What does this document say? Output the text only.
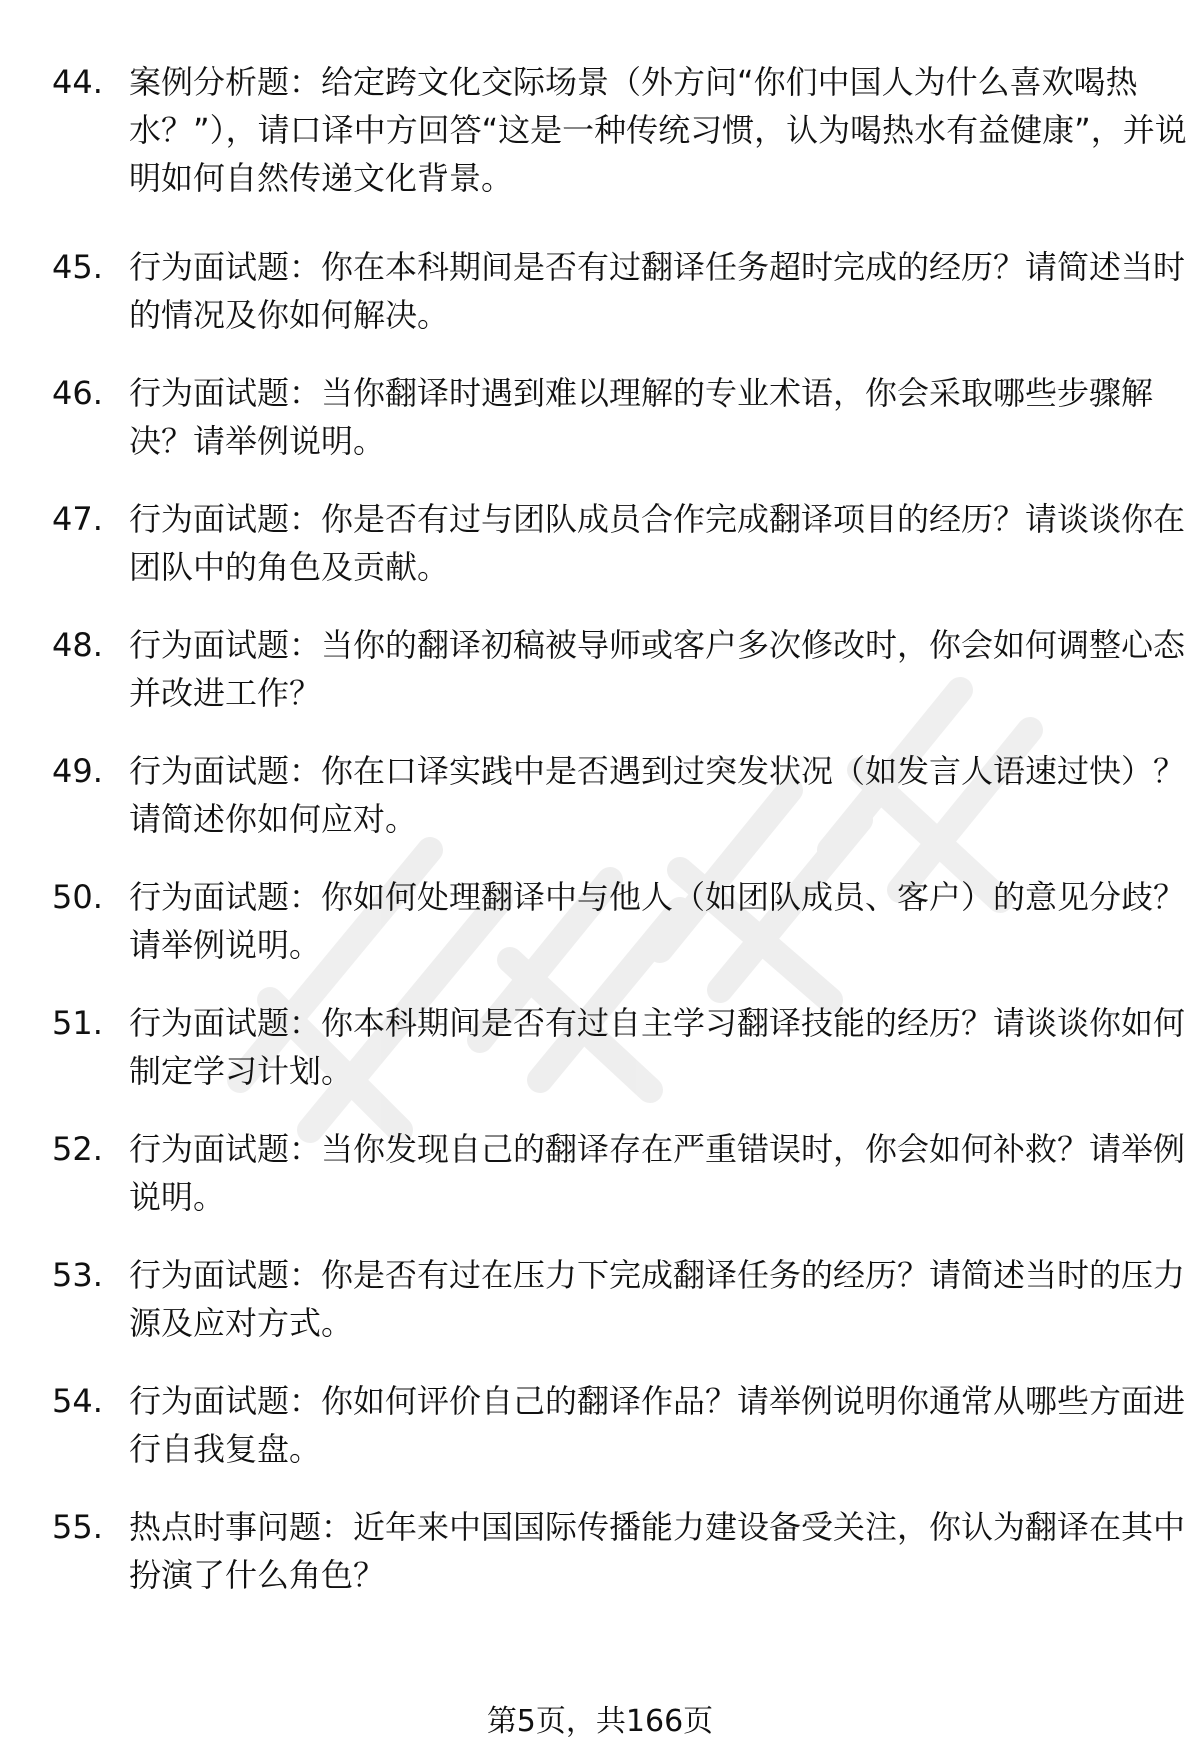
44. 案例分析题：给定跨文化交际场景（外方问“你们中国人为什么喜欢喝热水？”），请口译中方回答“这是一种传统习惯，认为喝热水有益健康”，并说明如何自然传递文化背景。
45. 行为面试题：你在本科期间是否有过翻译任务超时完成的经历？请简述当时的情况及你如何解决。
46. 行为面试题：当你翻译时遇到难以理解的专业术语，你会采取哪些步骤解决？请举例说明。
47. 行为面试题：你是否有过与团队成员合作完成翻译项目的经历？请谈谈你在团队中的角色及贡献。
48. 行为面试题：当你的翻译初稿被导师或客户多次修改时，你会如何调整心态并改进工作？
49. 行为面试题：你在口译实践中是否遇到过突发状况（如发言人语速过快）？请简述你如何应对。
50. 行为面试题：你如何处理翻译中与他人（如团队成员、客户）的意见分歧？请举例说明。
51. 行为面试题：你本科期间是否有过自主学习翻译技能的经历？请谈谈你如何制定学习计划。
52. 行为面试题：当你发现自己的翻译存在严重错误时，你会如何补救？请举例说明。
53. 行为面试题：你是否有过在压力下完成翻译任务的经历？请简述当时的压力源及应对方式。
54. 行为面试题：你如何评价自己的翻译作品？请举例说明你通常从哪些方面进行自我复盘。
55. 热点时事问题：近年来中国国际传播能力建设备受关注，你认为翻译在其中扮演了什么角色？
第5页，共166页
